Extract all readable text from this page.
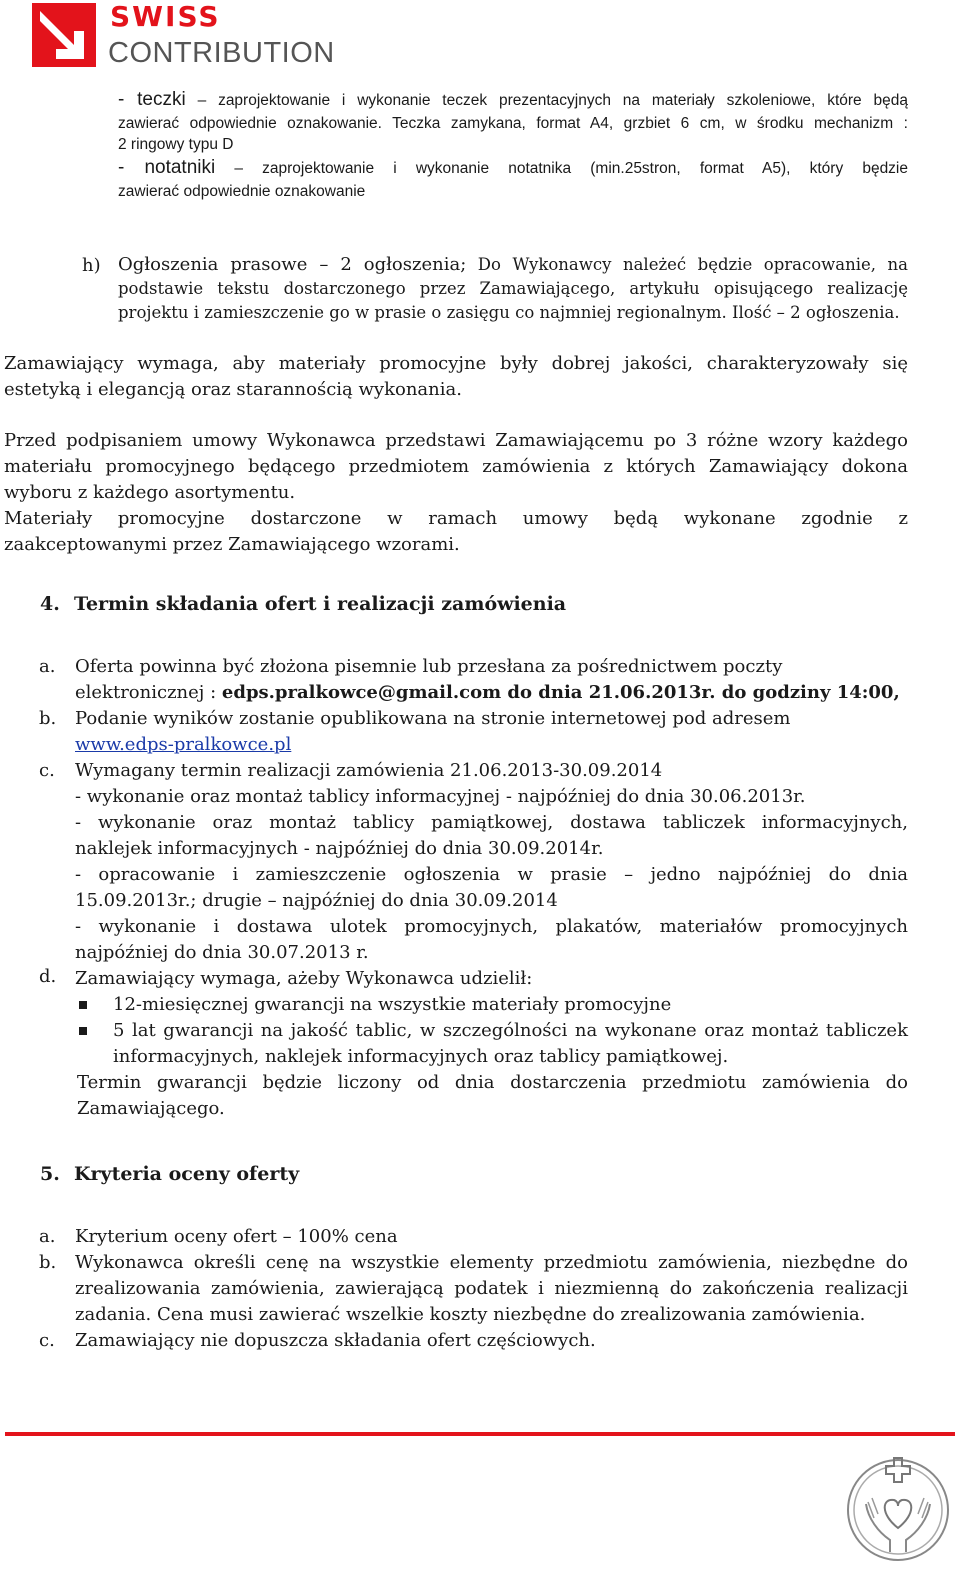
SWISS
CONTRIBUTION
- teczki – zaprojektowanie i wykonanie teczek prezentacyjnych na materiały szkoleniowe, które będą
zawierać odpowiednie oznakowanie. Teczka zamykana, format A4, grzbiet 6 cm, w środku mechanizm :
2 ringowy typu D
- notatniki – zaprojektowanie i wykonanie notatnika (min.25stron, format A5), który będzie
zawierać odpowiednie oznakowanie
h) Ogłoszenia prasowe – 2 ogłoszenia; Do Wykonawcy należeć będzie opracowanie, na
podstawie tekstu dostarczonego przez Zamawiającego, artykułu opisującego realizację
projektu i zamieszczenie go w prasie o zasięgu co najmniej regionalnym. Ilość – 2 ogłoszenia.
Zamawiający wymaga, aby materiały promocyjne były dobrej jakości, charakteryzowały się
estetyką i elegancją oraz starannością wykonania.
Przed podpisaniem umowy Wykonawca przedstawi Zamawiającemu po 3 różne wzory każdego
materiału promocyjnego będącego przedmiotem zamówienia z których Zamawiający dokona
wyboru z każdego asortymentu.
Materiały promocyjne dostarczone w ramach umowy będą wykonane zgodnie z
zaakceptowanymi przez Zamawiającego wzorami.
4. Termin składania ofert i realizacji zamówienia
a.
b.
c.
d.
Oferta powinna być złożona pisemnie lub przesłana za pośrednictwem poczty
elektronicznej : edps.pralkowce@gmail.com do dnia 21.06.2013r. do godziny 14:00,
Podanie wyników zostanie opublikowana na stronie internetowej pod adresem
www.edps-pralkowce.pl
Wymagany termin realizacji zamówienia 21.06.2013-30.09.2014
- wykonanie oraz montaż tablicy informacyjnej - najpóźniej do dnia 30.06.2013r.
- wykonanie oraz montaż tablicy pamiątkowej, dostawa tabliczek informacyjnych,
naklejek informacyjnych - najpóźniej do dnia 30.09.2014r.
- opracowanie i zamieszczenie ogłoszenia w prasie – jedno najpóźniej do dnia
15.09.2013r.; drugie – najpóźniej do dnia 30.09.2014
- wykonanie i dostawa ulotek promocyjnych, plakatów, materiałów promocyjnych
najpóźniej do dnia 30.07.2013 r.
Zamawiający wymaga, ażeby Wykonawca udzielił:
12-miesięcznej gwarancji na wszystkie materiały promocyjne
5 lat gwarancji na jakość tablic, w szczególności na wykonane oraz montaż tabliczek
informacyjnych, naklejek informacyjnych oraz tablicy pamiątkowej.
Termin gwarancji będzie liczony od dnia dostarczenia przedmiotu zamówienia do
Zamawiającego.
5. Kryteria oceny oferty
a.
b.
c.
Kryterium oceny ofert – 100% cena
Wykonawca określi cenę na wszystkie elementy przedmiotu zamówienia, niezbędne do
zrealizowania zamówienia, zawierającą podatek i niezmienną do zakończenia realizacji
zadania. Cena musi zawierać wszelkie koszty niezbędne do zrealizowania zamówienia.
Zamawiający nie dopuszcza składania ofert częściowych.
